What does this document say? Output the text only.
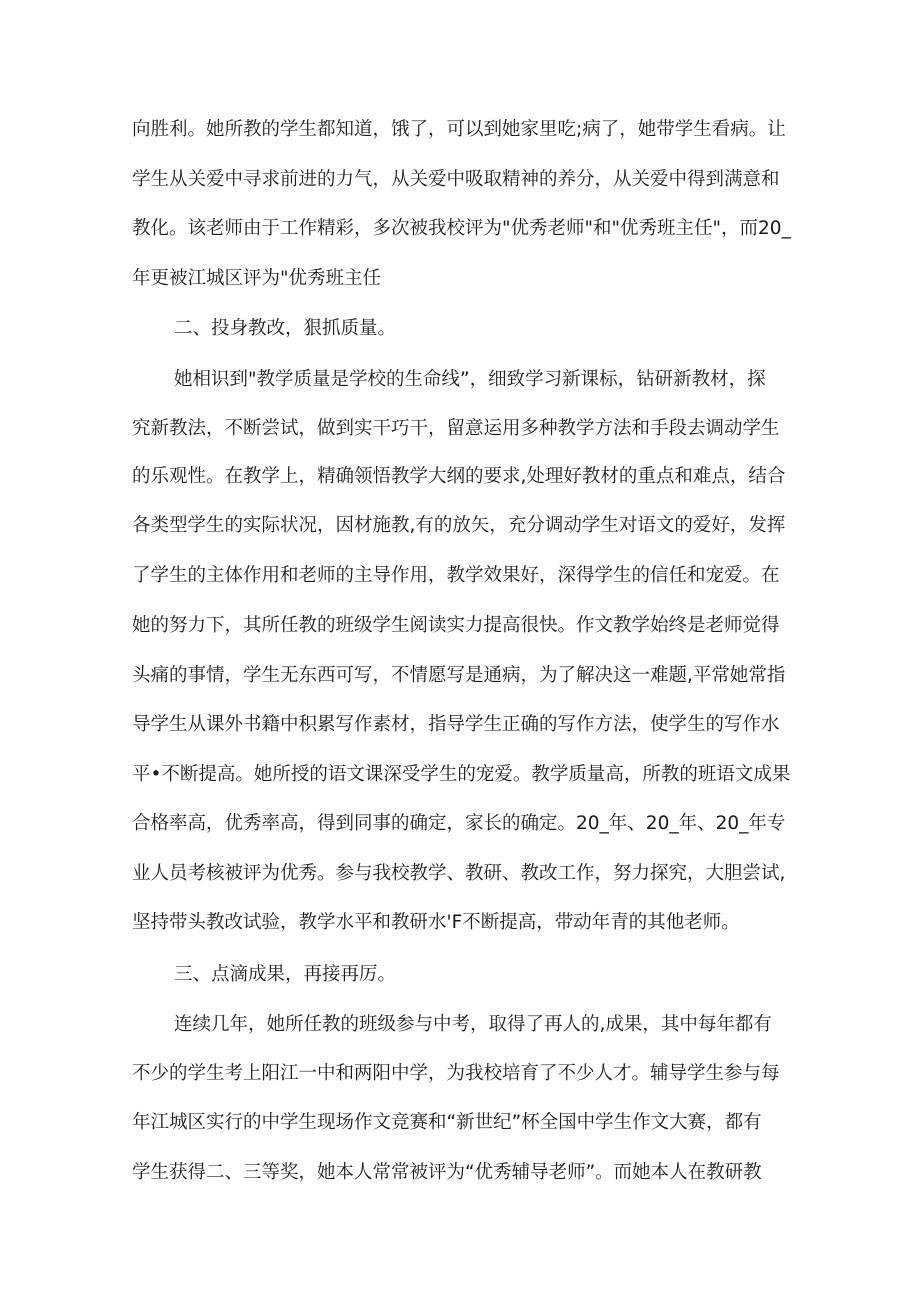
向胜利。她所教的学生都知道，饿了，可以到她家里吃;病了，她带学生看病。让
学生从关爱中寻求前进的力气，从关爱中吸取精神的养分，从关爱中得到满意和
教化。该老师由于工作精彩，多次被我校评为"优秀老师"和"优秀班主任"，而20_
年更被江城区评为"优秀班主任
二、投身教改，狠抓质量。
她相识到"教学质量是学校的生命线”，细致学习新课标，钻研新教材，探
究新教法，不断尝试，做到实干巧干，留意运用多种教学方法和手段去调动学生
的乐观性。在教学上，精确领悟教学大纲的要求,处理好教材的重点和难点，结合
各类型学生的实际状况，因材施教,有的放矢，充分调动学生对语文的爱好，发挥
了学生的主体作用和老师的主导作用，教学效果好，深得学生的信任和宠爱。在
她的努力下，其所任教的班级学生阅读实力提高很快。作文教学始终是老师觉得
头痛的事情，学生无东西可写，不情愿写是通病，为了解决这一难题,平常她常指
导学生从课外书籍中积累写作素材，指导学生正确的写作方法，使学生的写作水
平•不断提高。她所授的语文课深受学生的宠爱。教学质量高，所教的班语文成果
合格率高，优秀率高，得到同事的确定，家长的确定。20_年、20_年、20_年专
业人员考核被评为优秀。参与我校教学、教研、教改工作，努力探究，大胆尝试,
坚持带头教改试验，教学水平和教研水'F不断提高，带动年青的其他老师。
三、点滴成果，再接再厉。
连续几年，她所任教的班级参与中考，取得了再人的,成果，其中每年都有
不少的学生考上阳江一中和两阳中学，为我校培育了不少人才。辅导学生参与每
年江城区实行的中学生现场作文竞赛和“新世纪”杯全国中学生作文大赛，都有
学生获得二、三等奖，她本人常常被评为“优秀辅导老师”。而她本人在教研教
